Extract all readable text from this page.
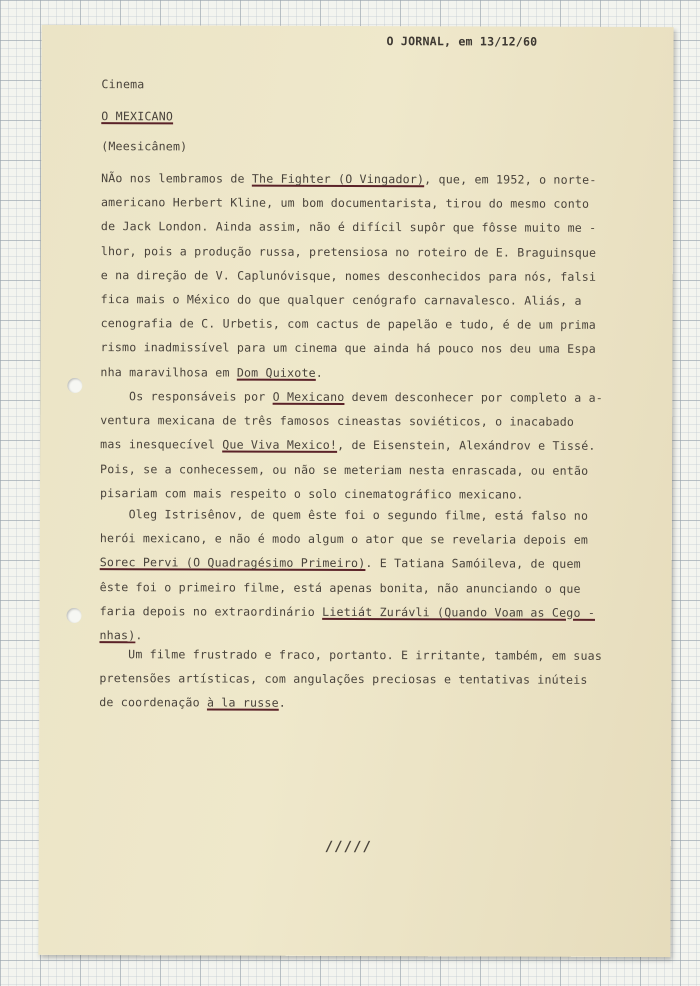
O JORNAL, em 13/12/60
Cinema
O MEXICANO
(Meesicânem)
NÃo nos lembramos de The Fighter (O Vingador), que, em 1952, o norte-
americano Herbert Kline, um bom documentarista, tirou do mesmo conto
de Jack London. Ainda assim, não é difícil supôr que fôsse muito me -
lhor, pois a produção russa, pretensiosa no roteiro de E. Braguinsque
e na direção de V. Caplunóvisque, nomes desconhecidos para nós, falsi
fica mais o México do que qualquer cenógrafo carnavalesco. Aliás, a
cenografia de C. Urbetis, com cactus de papelão e tudo, é de um prima
rismo inadmissível para um cinema que ainda há pouco nos deu uma Espa
nha maravilhosa em Dom Quixote.
Os responsáveis por O Mexicano devem desconhecer por completo a a-
ventura mexicana de três famosos cineastas soviéticos, o inacabado
mas inesquecível Que Viva Mexico!, de Eisenstein, Alexándrov e Tissé.
Pois, se a conhecessem, ou não se meteriam nesta enrascada, ou então
pisariam com mais respeito o solo cinematográfico mexicano.
Oleg Istrisênov, de quem êste foi o segundo filme, está falso no
herói mexicano, e não é modo algum o ator que se revelaria depois em
Sorec Pervi (O Quadragésimo Primeiro). E Tatiana Samóileva, de quem
êste foi o primeiro filme, está apenas bonita, não anunciando o que
faria depois no extraordinário Lietiát Zurávli (Quando Voam as Cego -
nhas).
Um filme frustrado e fraco, portanto. E irritante, também, em suas
pretensões artísticas, com angulações preciosas e tentativas inúteis
de coordenação à la russe.
/////
